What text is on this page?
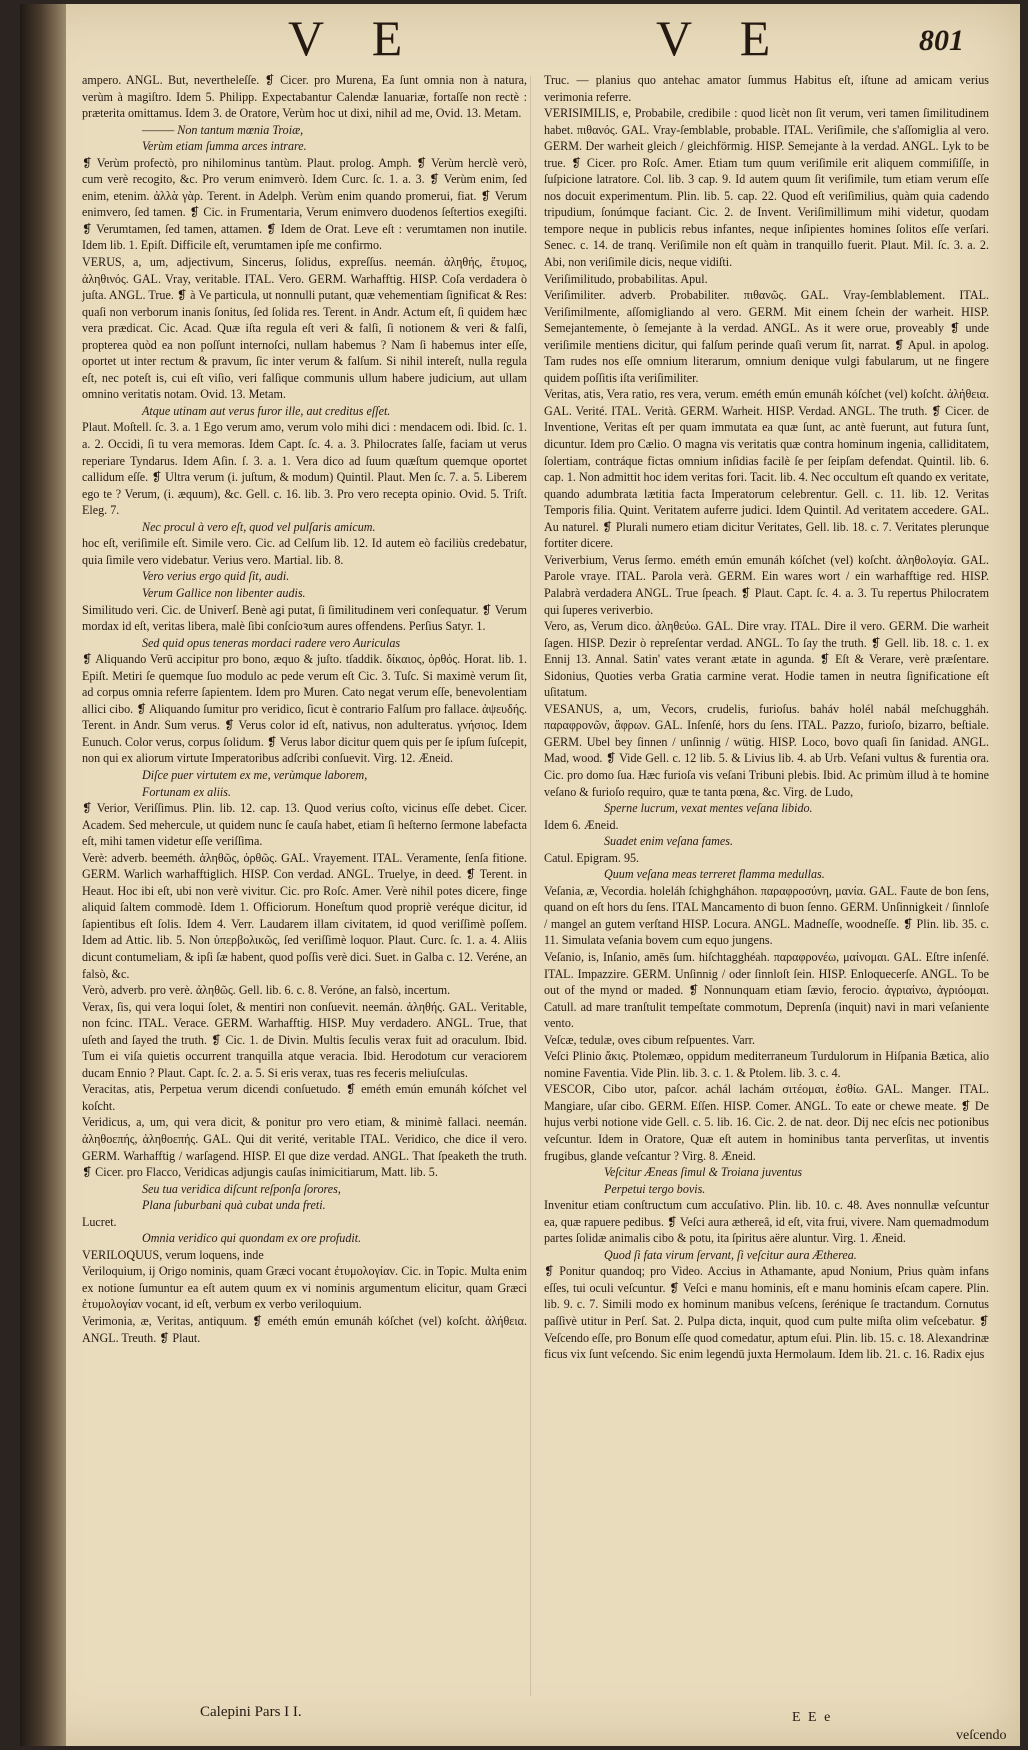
V E	V E	801

ampero. ANGL. But, nevertheleſſe. ❡ Cicer. pro Murena, Ea ſunt omnia non à natura, verùm à magiſtro. Idem 5. Philipp. Expectabantur Calendæ Ianuariæ, fortaſſe non rectè : præterita omittamus. Idem 3. de Oratore, Verùm hoc ut dixi, nihil ad me, Ovid. 13. Metam.

——— Non tantum mœnia Troiæ,

Verùm etiam ſumma arces intrare.

❡ Verùm profectò, pro nihilominus tantùm. Plaut. prolog. Amph. ❡ Verùm herclè verò, cum verè recogito, &c. Pro verum enimverò. Idem Curc. ſc. 1. a. 3. ❡ Verùm enim, ſed enim, etenim. ἀλλὰ γὰρ. Terent. in Adelph. Verùm enim quando promerui, fiat. ❡ Verum enimvero, ſed tamen. ❡ Cic. in Frumentaria, Verum enimvero duodenos ſeſtertios exegiſti. ❡ Verumtamen, ſed tamen, attamen. ❡ Idem de Orat. Leve eſt : verumtamen non inutile. Idem lib. 1. Epiſt. Difficile eſt, verumtamen ipſe me confirmo.

VERUS, a, um, adjectivum, Sincerus, ſolidus, expreſſus. neemán. ἀληθής, ἔτυμος, ἀληθινός. GAL. Vray, veritable. ITAL. Vero. GERM. Warhafftig. HISP. Coſa verdadera ò juſta. ANGL. True. ❡ à Ve particula, ut nonnulli putant, quæ vehementiam ſignificat & Res: quaſi non verborum inanis ſonitus, ſed ſolida res. Terent. in Andr. Actum eſt, ſi quidem hæc vera prædicat. Cic. Acad. Quæ iſta regula eſt veri & falſi, ſi notionem & veri & falſi, propterea quòd ea non poſſunt internoſci, nullam habemus ? Nam ſi habemus inter eſſe, oportet ut inter rectum & pravum, ſic inter verum & falſum. Si nihil intereſt, nulla regula eſt, nec poteſt is, cui eſt viſio, veri falſique communis ullum habere judicium, aut ullam omnino veritatis notam. Ovid. 13. Metam.

Atque utinam aut verus furor ille, aut creditus eſſet.

Plaut. Moſtell. ſc. 3. a. 1 Ego verum amo, verum volo mihi dici : mendacem odi. Ibid. ſc. 1. a. 2. Occidi, ſi tu vera memoras. Idem Capt. ſc. 4. a. 3. Philocrates ſalſe, faciam ut verus reperiare Tyndarus. Idem Aſin. ſ. 3. a. 1. Vera dico ad ſuum quæſtum quemque oportet callidum eſſe. ❡ Ultra verum (i. juſtum, & modum) Quintil. Plaut. Men ſc. 7. a. 5. Liberem ego te ? Verum, (i. æquum), &c. Gell. c. 16. lib. 3. Pro vero recepta opinio. Ovid. 5. Triſt. Eleg. 7.

Nec procul à vero eſt, quod vel pulſaris amicum.

hoc eſt, veriſimile eſt. Simile vero. Cic. ad Celſum lib. 12. Id autem eò faciliùs credebatur, quia ſimile vero videbatur. Verius vero. Martial. lib. 8.

Vero verius ergo quid ſit, audi.

Verum Gallice non libenter audis.

Similitudo veri. Cic. de Univerſ. Benè agi putat, ſi ſimilitudinem veri conſequatur. ❡ Verum mordax id eſt, veritas libera, malè ſibi conſcioꝛum aures offendens. Perſius Satyr. 1.

Sed quid opus teneras mordaci radere vero Auriculas

❡ Aliquando Verū accipitur pro bono, æquo & juſto. tſaddik. δίκαιος, ὀρθός. Horat. lib. 1. Epiſt. Metiri ſe quemque ſuo modulo ac pede verum eſt Cic. 3. Tuſc. Si maximè verum ſit, ad corpus omnia referre ſapientem. Idem pro Muren. Cato negat verum eſſe, benevolentiam allici cibo. ❡ Aliquando ſumitur pro veridico, ſicut è contrario Falſum pro fallace. ἀψευδής. Terent. in Andr. Sum verus. ❡ Verus color id eſt, nativus, non adulteratus. γνήσιος. Idem Eunuch. Color verus, corpus ſolidum. ❡ Verus labor dicitur quem quis per ſe ipſum ſuſcepit, non qui ex aliorum virtute Imperatoribus adſcribi conſuevit. Virg. 12. Æneid.

Diſce puer virtutem ex me, verùmque laborem,

Fortunam ex aliis.

❡ Verior, Veriſſimus. Plin. lib. 12. cap. 13. Quod verius coſto, vicinus eſſe debet. Cicer. Academ. Sed mehercule, ut quidem nunc ſe cauſa habet, etiam ſi heſterno ſermone labefacta eſt, mihi tamen videtur eſſe veriſſima.

Verè: adverb. beeméth. ἀληθῶς, ὀρθῶς. GAL. Vrayement. ITAL. Veramente, ſenſa fitione. GERM. Warlich warhafftiglich. HISP. Con verdad. ANGL. Truelye, in deed. ❡ Terent. in Heaut. Hoc ibi eſt, ubi non verè vivitur. Cic. pro Roſc. Amer. Verè nihil potes dicere, finge aliquid ſaltem commodè. Idem 1. Officiorum. Honeſtum quod propriè veréque dicitur, id ſapientibus eſt ſolis. Idem 4. Verr. Laudarem illam civitatem, id quod veriſſimè poſſem. Idem ad Attic. lib. 5. Non ὑπερβολικῶς, ſed veriſſimè loquor. Plaut. Curc. ſc. 1. a. 4. Aliis dicunt contumeliam, & ipſi ſæ habent, quod poſſis verè dici. Suet. in Galba c. 12. Veréne, an falsò, &c.

Verò, adverb. pro verè. ἀληθῶς. Gell. lib. 6. c. 8. Veróne, an falsò, incertum.

Verax, ſis, qui vera loqui ſolet, & mentiri non conſuevit. neemán. ἀληθής. GAL. Veritable, non fcinc. ITAL. Verace. GERM. Warhafftig. HISP. Muy verdadero. ANGL. True, that uſeth and ſayed the truth. ❡ Cic. 1. de Divin. Multis ſeculis verax fuit ad oraculum. Ibid. Tum ei viſa quietis occurrent tranquilla atque veracia. Ibid. Herodotum cur veraciorem ducam Ennio ? Plaut. Capt. ſc. 2. a. 5. Si eris verax, tuas res feceris meliuſculas.

Veracitas, atis, Perpetua verum dicendi conſuetudo. ❡ eméth emún emunáh kóſchet vel koſcht.

Veridicus, a, um, qui vera dicit, & ponitur pro vero etiam, & minimè fallaci. neemán. ἀληθοεπής, ἀληθοεπής. GAL. Qui dit verité, veritable ITAL. Veridico, che dice il vero. GERM. Warhafftig / warſagend. HISP. El que dize verdad. ANGL. That ſpeaketh the truth. ❡ Cicer. pro Flacco, Veridicas adjungis cauſas inimicitiarum, Matt. lib. 5.

Seu tua veridica diſcunt reſponſa ſorores,

Plana ſuburbani quà cubat unda freti.

Lucret.

Omnia veridico qui quondam ex ore profudit.

VERILOQUUS, verum loquens, inde

Veriloquium, ij Origo nominis, quam Græci vocant ἐτυμολογίαν. Cic. in Topic. Multa enim ex notione ſumuntur ea eſt autem quum ex vi nominis argumentum elicitur, quam Græci ἐτυμολογίαν vocant, id eſt, verbum ex verbo veriloquium.

Verimonia, æ, Veritas, antiquum. ❡ eméth emún emunáh kóſchet (vel) koſcht. ἀλήθεια. ANGL. Treuth. ❡ Plaut.

Truc. — planius quo antehac amator ſummus Habitus eſt, iſtune ad amicam verius verimonia referre.

VERISIMILIS, e, Probabile, credibile : quod licèt non ſit verum, veri tamen ſimilitudinem habet. πιθανός. GAL. Vray-ſemblable, probable. ITAL. Veriſimile, che s'aſſomiglia al vero. GERM. Der warheit gleich / gleichförmig. HISP. Semejante à la verdad. ANGL. Lyk to be true. ❡ Cicer. pro Roſc. Amer. Etiam tum quum veriſimile erit aliquem commiſiſſe, in ſuſpicione latratore. Col. lib. 3 cap. 9. Id autem quum ſit veriſimile, tum etiam verum eſſe nos docuit experimentum. Plin. lib. 5. cap. 22. Quod eſt veriſimilius, quàm quia cadendo tripudium, ſonúmque faciant. Cic. 2. de Invent. Veriſimillimum mihi videtur, quodam tempore neque in publicis rebus infantes, neque inſipientes homines ſolitos eſſe verſari. Senec. c. 14. de tranq. Veriſimile non eſt quàm in tranquillo fuerit. Plaut. Mil. ſc. 3. a. 2. Abi, non veriſimile dicis, neque vidiſti.

Veriſimilitudo, probabilitas. Apul.

Veriſimiliter. adverb. Probabiliter. πιθανῶς. GAL. Vray-ſemblablement. ITAL. Veriſimilmente, aſſomigliando al vero. GERM. Mit einem ſchein der warheit. HISP. Semejantemente, ò ſemejante à la verdad. ANGL. As it were orue, proveably ❡ unde veriſimile mentiens dicitur, qui falſum perinde quaſi verum ſit, narrat. ❡ Apul. in apolog. Tam rudes nos eſſe omnium literarum, omnium denique vulgi fabularum, ut ne fingere quidem poſſitis iſta veriſimiliter.

Veritas, atis, Vera ratio, res vera, verum. eméth emún emunáh kóſchet (vel) koſcht. ἀλήθεια. GAL. Verité. ITAL. Verità. GERM. Warheit. HISP. Verdad. ANGL. The truth. ❡ Cicer. de Inventione, Veritas eſt per quam immutata ea quæ ſunt, ac antè fuerunt, aut futura ſunt, dicuntur. Idem pro Cælio. O magna vis veritatis quæ contra hominum ingenia, calliditatem, ſolertiam, contráque fictas omnium inſidias facilè ſe per ſeipſam defendat. Quintil. lib. 6. cap. 1. Non admittit hoc idem veritas fori. Tacit. lib. 4. Nec occultum eſt quando ex veritate, quando adumbrata lætitia facta Imperatorum celebrentur. Gell. c. 11. lib. 12. Veritas Temporis filia. Quint. Veritatem auferre judici. Idem Quintil. Ad veritatem accedere. GAL. Au naturel. ❡ Plurali numero etiam dicitur Veritates, Gell. lib. 18. c. 7. Veritates plerunque fortiter dicere.

Veriverbium, Verus ſermo. eméth emún emunáh kóſchet (vel) koſcht. ἀληθολογία. GAL. Parole vraye. ITAL. Parola verà. GERM. Ein wares wort / ein warhafftige red. HISP. Palabrà verdadera ANGL. True ſpeach. ❡ Plaut. Capt. ſc. 4. a. 3. Tu repertus Philocratem qui ſuperes veriverbio.

Vero, as, Verum dico. ἀληθεύω. GAL. Dire vray. ITAL. Dire il vero. GERM. Die warheit ſagen. HISP. Dezir ò repreſentar verdad. ANGL. To ſay the truth. ❡ Gell. lib. 18. c. 1. ex Ennij 13. Annal. Satin' vates verant ætate in agunda. ❡ Eſt & Verare, verè præſentare. Sidonius, Quoties verba Gratia carmine verat. Hodie tamen in neutra ſignificatione eſt uſitatum.

VESANUS, a, um, Vecors, crudelis, furioſus. baháv holél nabál meſchuggháh. παραφρονῶν, ἄφρων. GAL. Inſenſé, hors du ſens. ITAL. Pazzo, furioſo, bizarro, beſtiale. GERM. Ubel bey ſinnen / unſinnig / wütig. HISP. Loco, bovo quaſi ſin ſanidad. ANGL. Mad, wood. ❡ Vide Gell. c. 12 lib. 5. & Livius lib. 4. ab Urb. Veſani vultus & furentia ora. Cic. pro domo ſua. Hæc furioſa vis veſani Tribuni plebis. Ibid. Ac primùm illud à te homine veſano & furioſo requiro, quæ te tanta pœna, &c. Virg. de Ludo,

Sperne lucrum, vexat mentes veſana libido.

Idem 6. Æneid.

Suadet enim veſana fames.

Catul. Epigram. 95.

Quum veſana meas terreret flamma medullas.

Veſania, æ, Vecordia. holeláh ſchighgháhon. παραφροσύνη, μανία. GAL. Faute de bon ſens, quand on eſt hors du ſens. ITAL Mancamento di buon ſenno. GERM. Unſinnigkeit / ſinnloſe / mangel an gutem verſtand HISP. Locura. ANGL. Madneſſe, woodneſſe. ❡ Plin. lib. 35. c. 11. Simulata veſania bovem cum equo jungens.

Veſanio, is, Inſanio, amēs ſum. hiſchtagghéah. παραφρονέω, μαίνομαι. GAL. Eſtre inſenſé. ITAL. Impazzire. GERM. Unſinnig / oder ſinnloſt ſein. HISP. Enloquecerſe. ANGL. To be out of the mynd or maded. ❡ Nonnunquam etiam ſævio, ferocio. ἀγριαίνω, ἀγριόομαι. Catull. ad mare tranſtulit tempeſtate commotum, Deprenſa (inquit) navi in mari veſaniente vento.

Veſcæ, tedulæ, oves cibum reſpuentes. Varr.

Veſci Plinio ἄκις. Ptolemæo, oppidum mediterraneum Turdulorum in Hiſpania Bætica, alio nomine Faventia. Vide Plin. lib. 3. c. 1. & Ptolem. lib. 3. c. 4.

VESCOR, Cibo utor, paſcor. achál lachám σιτέομαι, ἐσθίω. GAL. Manger. ITAL. Mangiare, uſar cibo. GERM. Eſſen. HISP. Comer. ANGL. To eate or chewe meate. ❡ De hujus verbi notione vide Gell. c. 5. lib. 16. Cic. 2. de nat. deor. Dij nec eſcis nec potionibus veſcuntur. Idem in Oratore, Quæ eſt autem in hominibus tanta perverſitas, ut inventis frugibus, glande veſcantur ? Virg. 8. Æneid.

Veſcitur Æneas ſimul & Troiana juventus

Perpetui tergo bovis.

Invenitur etiam conſtructum cum accuſativo. Plin. lib. 10. c. 48. Aves nonnullæ veſcuntur ea, quæ rapuere pedibus. ❡ Veſci aura æthereâ, id eſt, vita frui, vivere. Nam quemadmodum partes ſolidæ animalis cibo & potu, ita ſpiritus aëre aluntur. Virg. 1. Æneid.

Quod ſi fata virum ſervant, ſi veſcitur aura Ætherea.

❡ Ponitur quandoq; pro Video. Accius in Athamante, apud Nonium, Prius quàm infans eſſes, tui oculi veſcuntur. ❡ Veſci e manu hominis, eſt e manu hominis eſcam capere. Plin. lib. 9. c. 7. Simili modo ex hominum manibus veſcens, ſerénique ſe tractandum. Cornutus paſſivè utitur in Perſ. Sat. 2. Pulpa dicta, inquit, quod cum pulte miſta olim veſcebatur. ❡ Veſcendo eſſe, pro Bonum eſſe quod comedatur, aptum eſui. Plin. lib. 15. c. 18. Alexandrinæ ficus vix ſunt veſcendo. Sic enim legendū juxta Hermolaum. Idem lib. 21. c. 16. Radix ejus

Calepini Pars I I.	E E e
veſcendo
